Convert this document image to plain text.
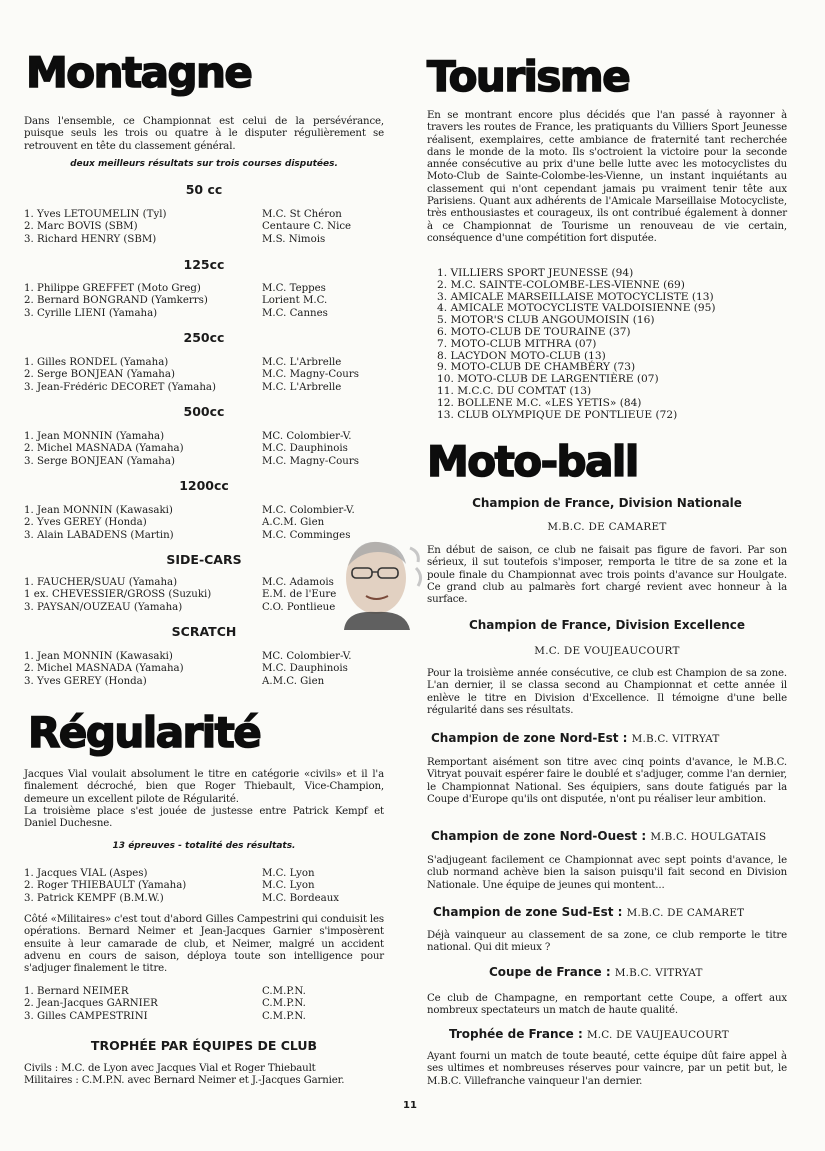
Montagne

Dans l'ensemble, ce Championnat est celui de la persévérance, puisque seuls les trois ou quatre à le disputer régulièrement se retrouvent en tête du classement général.

deux meilleurs résultats sur trois courses disputées.
50 cc
1. Yves LETOUMELIN (Tyl)	M.C. St Chéron
2. Marc BOVIS (SBM)	Centaure C. Nice
3. Richard HENRY (SBM)	M.S. Nimois
125cc
1. Philippe GREFFET (Moto Greg)	M.C. Teppes
2. Bernard BONGRAND (Yamkerrs)	Lorient M.C.
3. Cyrille LIENI (Yamaha)	M.C. Cannes
250cc
1. Gilles RONDEL (Yamaha)	M.C. L'Arbrelle
2. Serge BONJEAN (Yamaha)	M.C. Magny-Cours
3. Jean-Frédéric DECORET (Yamaha)	M.C. L'Arbrelle
500cc
1. Jean MONNIN (Yamaha)	MC. Colombier-V.
2. Michel MASNADA (Yamaha)	M.C. Dauphinois
3. Serge BONJEAN (Yamaha)	M.C. Magny-Cours
1200cc
1. Jean MONNIN (Kawasaki)	M.C. Colombier-V.
2. Yves GEREY (Honda)	A.C.M. Gien
3. Alain LABADENS (Martin)	M.C. Comminges
SIDE-CARS
1. FAUCHER/SUAU (Yamaha)	M.C. Adamois
1 ex. CHEVESSIER/GROSS (Suzuki)	E.M. de l'Eure
3. PAYSAN/OUZEAU (Yamaha)	C.O. Pontlieue
SCRATCH
1. Jean MONNIN (Kawasaki)	MC. Colombier-V.
2. Michel MASNADA (Yamaha)	M.C. Dauphinois
3. Yves GEREY (Honda)	A.M.C. Gien
Régularité

Jacques Vial voulait absolument le titre en catégorie «civils» et il l'a finalement décroché, bien que Roger Thiebault, Vice-Champion, demeure un excellent pilote de Régularité.

La troisième place s'est jouée de justesse entre Patrick Kempf et Daniel Duchesne.

13 épreuves - totalité des résultats.
1. Jacques VIAL (Aspes)	M.C. Lyon
2. Roger THIEBAULT (Yamaha)	M.C. Lyon
3. Patrick KEMPF (B.M.W.)	M.C. Bordeaux

Côté «Militaires» c'est tout d'abord Gilles Campestrini qui conduisit les opérations. Bernard Neimer et Jean-Jacques Garnier s'imposèrent ensuite à leur camarade de club, et Neimer, malgré un accident advenu en cours de saison, déploya toute son intelligence pour s'adjuger finalement le titre.

1. Bernard NEIMER	C.M.P.N.
2. Jean-Jacques GARNIER	C.M.P.N.
3. Gilles CAMPESTRINI	C.M.P.N.
TROPHÉE PAR ÉQUIPES DE CLUB

Civils : M.C. de Lyon avec Jacques Vial et Roger Thiebault

Militaires : C.M.P.N. avec Bernard Neimer et J.-Jacques Garnier.

Tourisme

En se montrant encore plus décidés que l'an passé à rayonner à travers les routes de France, les pratiquants du Villiers Sport Jeunesse réalisent, exemplaires, cette ambiance de fraternité tant recherchée dans le monde de la moto. Ils s'octroient la victoire pour la seconde année consécutive au prix d'une belle lutte avec les motocyclistes du Moto-Club de Sainte-Colombe-les-Vienne, un instant inquiétants au classement qui n'ont cependant jamais pu vraiment tenir tête aux Parisiens. Quant aux adhérents de l'Amicale Marseillaise Motocycliste, très enthousiastes et courageux, ils ont contribué également à donner à ce Championnat de Tourisme un renouveau de vie certain, conséquence d'une compétition fort disputée.

1. VILLIERS SPORT JEUNESSE (94)
2. M.C. SAINTE-COLOMBE-LES-VIENNE (69)
3. AMICALE MARSEILLAISE MOTOCYCLISTE (13)
4. AMICALE MOTOCYCLISTE VALDOISIENNE (95)
5. MOTOR'S CLUB ANGOUMOISIN (16)
6. MOTO-CLUB DE TOURAINE (37)
7. MOTO-CLUB MITHRA (07)
8. LACYDON MOTO-CLUB (13)
9. MOTO-CLUB DE CHAMBÉRY (73)
10. MOTO-CLUB DE LARGENTIÈRE (07)
11. M.C.C. DU COMTAT (13)
12. BOLLENE M.C. «LES YETIS» (84)
13. CLUB OLYMPIQUE DE PONTLIEUE (72)
Moto-ball
Champion de France, Division Nationale
M.B.C. DE CAMARET

En début de saison, ce club ne faisait pas figure de favori. Par son sérieux, il sut toutefois s'imposer, remporta le titre de sa zone et la poule finale du Championnat avec trois points d'avance sur Houlgate. Ce grand club au palmarès fort chargé revient avec honneur à la surface.

Champion de France, Division Excellence
M.C. DE VOUJEAUCOURT

Pour la troisième année consécutive, ce club est Champion de sa zone. L'an dernier, il se classa second au Championnat et cette année il enlève le titre en Division d'Excellence. Il témoigne d'une belle régularité dans ses résultats.

Champion de zone Nord-Est : M.B.C. VITRYAT

Remportant aisément son titre avec cinq points d'avance, le M.B.C. Vitryat pouvait espérer faire le doublé et s'adjuger, comme l'an dernier, le Championnat National. Ses équipiers, sans doute fatigués par la Coupe d'Europe qu'ils ont disputée, n'ont pu réaliser leur ambition.

Champion de zone Nord-Ouest : M.B.C. HOULGATAIS

S'adjugeant facilement ce Championnat avec sept points d'avance, le club normand achève bien la saison puisqu'il fait second en Division Nationale. Une équipe de jeunes qui montent...

Champion de zone Sud-Est : M.B.C. DE CAMARET

Déjà vainqueur au classement de sa zone, ce club remporte le titre national. Qui dit mieux ?

Coupe de France : M.B.C. VITRYAT

Ce club de Champagne, en remportant cette Coupe, a offert aux nombreux spectateurs un match de haute qualité.

Trophée de France : M.C. DE VAUJEAUCOURT

Ayant fourni un match de toute beauté, cette équipe dût faire appel à ses ultimes et nombreuses réserves pour vaincre, par un petit but, le M.B.C. Villefranche vainqueur l'an dernier.

11
